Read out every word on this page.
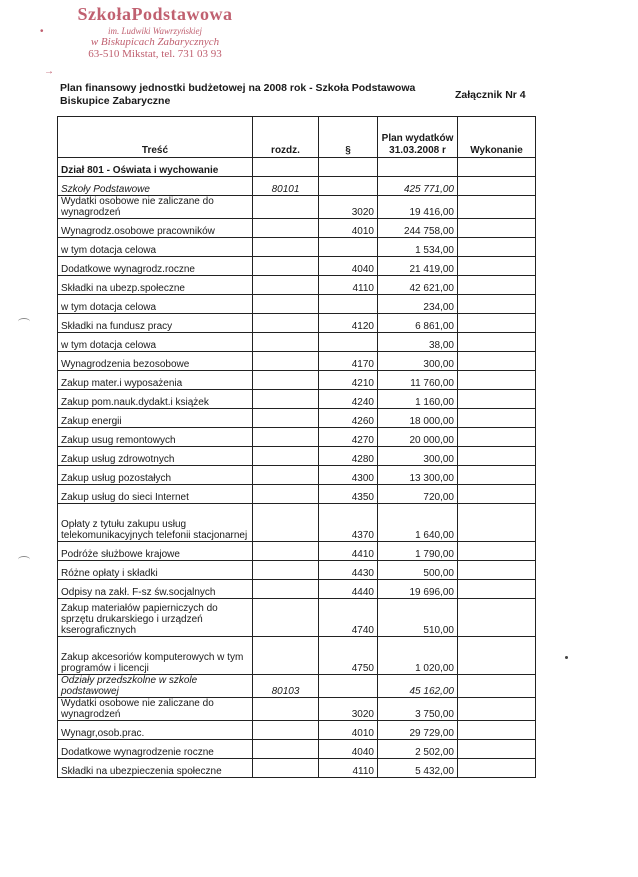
SzkołaPodstawowa
im. Ludwiki Wawrzyńskiej
w Biskupicach Zabarycznych
63-510 Mikstat, tel. 731 03 93
•
→
Plan finansowy jednostki budżetowej na 2008 rok - Szkoła Podstawowa
Biskupice Zabaryczne	Załącznik Nr 4
Treść	rozdz.	§	Plan wydatków 31.03.2008 r	Wykonanie
Dział 801 - Oświata i wychowanie				
Szkoły Podstawowe	80101		425 771,00	
Wydatki osobowe nie zaliczane do wynagrodzeń		3020	19 416,00	
Wynagrodz.osobowe pracowników		4010	244 758,00	
w tym dotacja celowa			1 534,00	
Dodatkowe wynagrodz.roczne		4040	21 419,00	
Składki na ubezp.społeczne		4110	42 621,00	
w tym dotacja celowa			234,00	
Składki na fundusz pracy		4120	6 861,00	
w tym dotacja celowa			38,00	
Wynagrodzenia bezosobowe		4170	300,00	
Zakup mater.i wyposażenia		4210	11 760,00	
Zakup pom.nauk.dydakt.i książek		4240	1 160,00	
Zakup energii		4260	18 000,00	
Zakup usug remontowych		4270	20 000,00	
Zakup usług zdrowotnych		4280	300,00	
Zakup usług pozostałych		4300	13 300,00	
Zakup usług do sieci Internet		4350	720,00	
Opłaty z tytułu zakupu usług telekomunikacyjnych telefonii stacjonarnej		4370	1 640,00	
Podróże służbowe krajowe		4410	1 790,00	
Różne opłaty i składki		4430	500,00	
Odpisy na zakł. F-sz św.socjalnych		4440	19 696,00	
Zakup materiałów papierniczych do sprzętu drukarskiego i urządzeń kserograficznych		4740	510,00	
Zakup akcesoriów komputerowych w tym programów i licencji		4750	1 020,00	
Odziały przedszkolne w szkole podstawowej	80103		45 162,00	
Wydatki osobowe nie zaliczane do wynagrodzeń		3020	3 750,00	
Wynagr,osob.prac.		4010	29 729,00	
Dodatkowe wynagrodzenie roczne		4040	2 502,00	
Składki na ubezpieczenia społeczne		4110	5 432,00	
